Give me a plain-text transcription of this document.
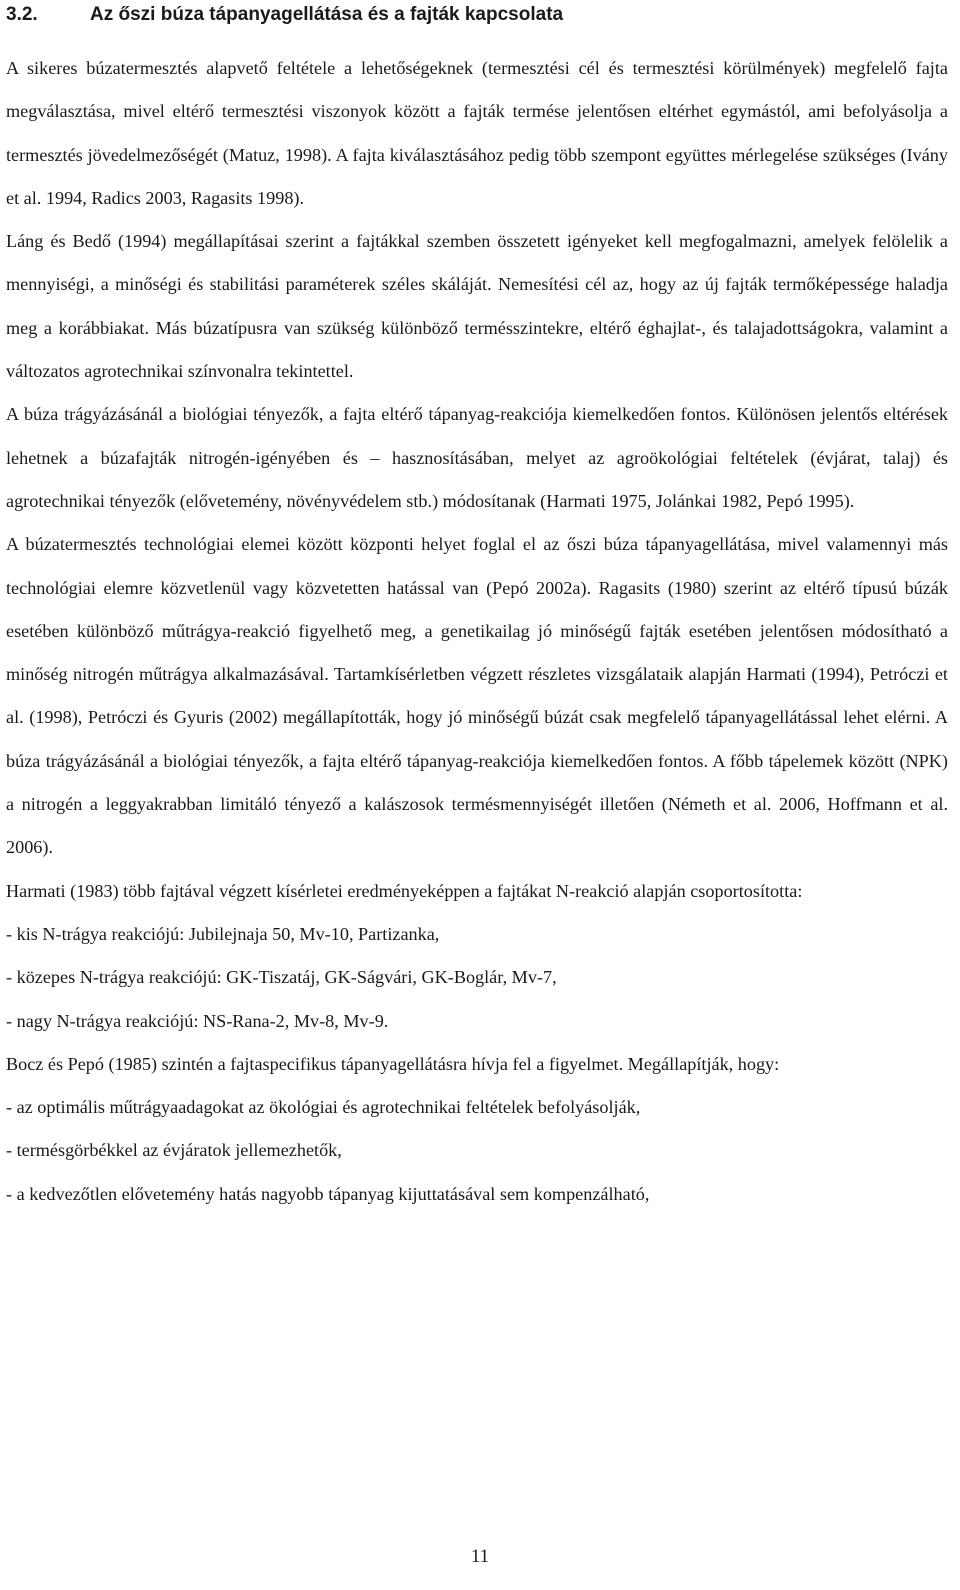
3.2.	Az őszi búza tápanyagellátása és a fajták kapcsolata

A sikeres búzatermesztés alapvető feltétele a lehetőségeknek (termesztési cél és termesztési körülmények) megfelelő fajta megválasztása, mivel eltérő termesztési viszonyok között a fajták termése jelentősen eltérhet egymástól, ami befolyásolja a termesztés jövedelmezőségét (Matuz, 1998). A fajta kiválasztásához pedig több szempont együttes mérlegelése szükséges (Ivány et al. 1994, Radics 2003, Ragasits 1998).

Láng és Bedő (1994) megállapításai szerint a fajtákkal szemben összetett igényeket kell megfogalmazni, amelyek felölelik a mennyiségi, a minőségi és stabilitási paraméterek széles skáláját. Nemesítési cél az, hogy az új fajták termőképessége haladja meg a korábbiakat. Más búzatípusra van szükség különböző termésszintekre, eltérő éghajlat-, és talajadottságokra, valamint a változatos agrotechnikai színvonalra tekintettel.

A búza trágyázásánál a biológiai tényezők, a fajta eltérő tápanyag-reakciója kiemelkedően fontos. Különösen jelentős eltérések lehetnek a búzafajták nitrogén-igényében és – hasznosításában, melyet az agroökológiai feltételek (évjárat, talaj) és agrotechnikai tényezők (elővetemény, növényvédelem stb.) módosítanak (Harmati 1975, Jolánkai 1982, Pepó 1995).

A búzatermesztés technológiai elemei között központi helyet foglal el az őszi búza tápanyagellátása, mivel valamennyi más technológiai elemre közvetlenül vagy közvetetten hatással van (Pepó 2002a). Ragasits (1980) szerint az eltérő típusú búzák esetében különböző műtrágya-reakció figyelhető meg, a genetikailag jó minőségű fajták esetében jelentősen módosítható a minőség nitrogén műtrágya alkalmazásával. Tartamkísérletben végzett részletes vizsgálataik alapján Harmati (1994), Petróczi et al. (1998), Petróczi és Gyuris (2002) megállapították, hogy jó minőségű búzát csak megfelelő tápanyagellátással lehet elérni. A búza trágyázásánál a biológiai tényezők, a fajta eltérő tápanyag-reakciója kiemelkedően fontos. A főbb tápelemek között (NPK) a nitrogén a leggyakrabban limitáló tényező a kalászosok termésmennyiségét illetően (Németh et al. 2006, Hoffmann et al. 2006).

Harmati (1983) több fajtával végzett kísérletei eredményeképpen a fajtákat N-reakció alapján csoportosította:

- kis N-trágya reakciójú: Jubilejnaja 50, Mv-10, Partizanka,

- közepes N-trágya reakciójú: GK-Tiszatáj, GK-Ságvári, GK-Boglár, Mv-7,

- nagy N-trágya reakciójú: NS-Rana-2, Mv-8, Mv-9.

Bocz és Pepó (1985) szintén a fajtaspecifikus tápanyagellátásra hívja fel a figyelmet. Megállapítják, hogy:

- az optimális műtrágyaadagokat az ökológiai és agrotechnikai feltételek befolyásolják,

- termésgörbékkel az évjáratok jellemezhetők,

- a kedvezőtlen elővetemény hatás nagyobb tápanyag kijuttatásával sem kompenzálható,

11
